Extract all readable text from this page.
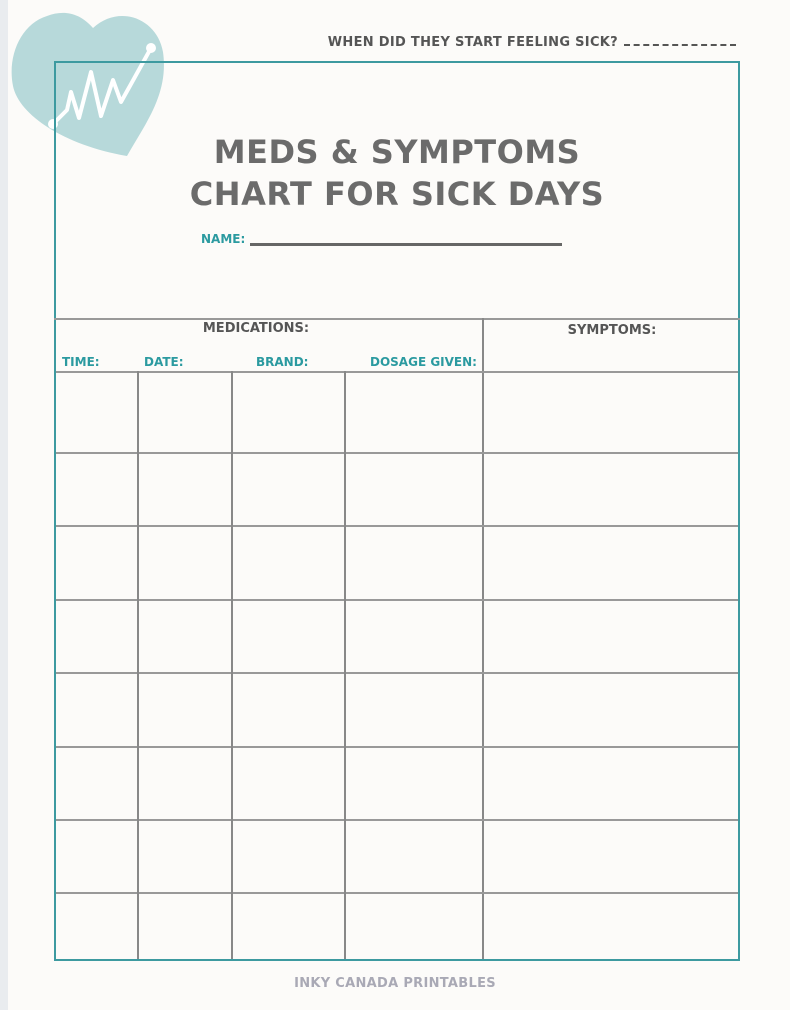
WHEN DID THEY START FEELING SICK?
MEDS & SYMPTOMS
CHART FOR SICK DAYS
NAME:
MEDICATIONS:	SYMPTOMS:
TIME:	DATE:	BRAND:	DOSAGE GIVEN:
INKY CANADA PRINTABLES
